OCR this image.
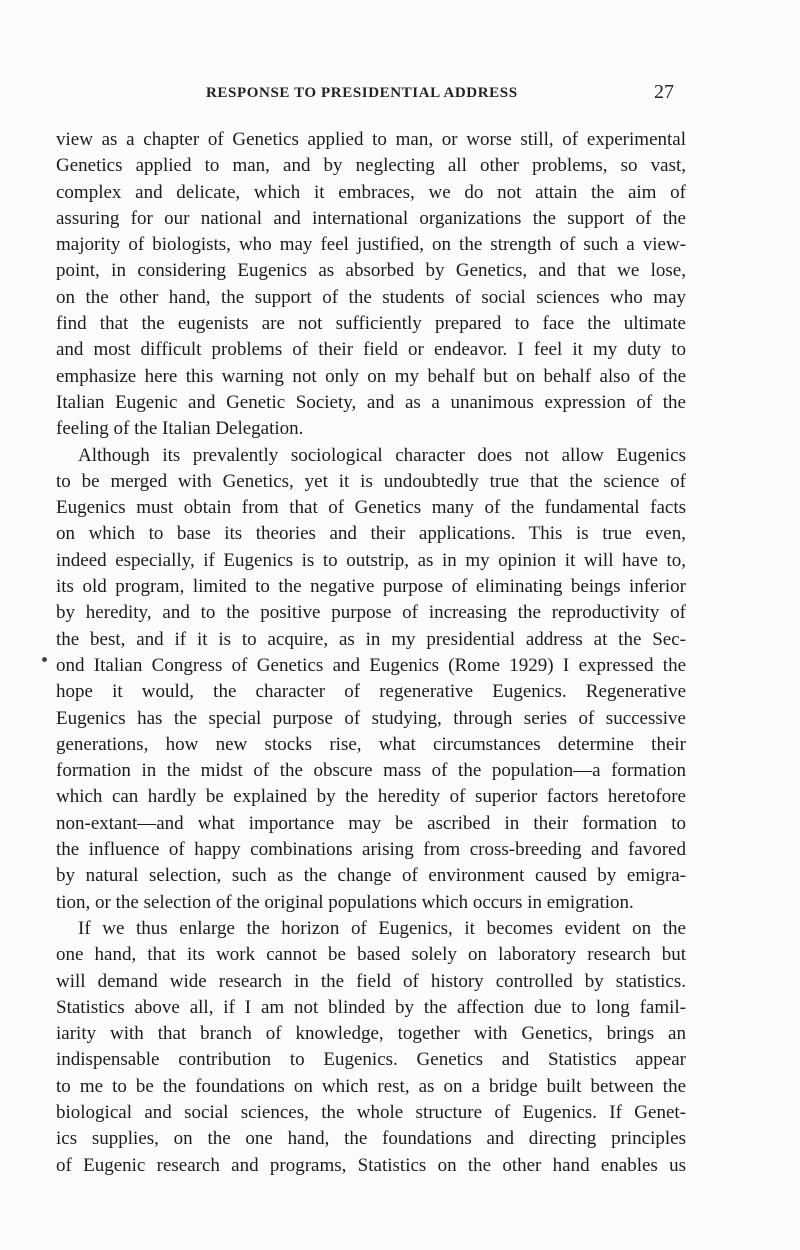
RESPONSE TO PRESIDENTIAL ADDRESS	27

view as a chapter of Genetics applied to man, or worse still, of experimental

Genetics applied to man, and by neglecting all other problems, so vast,

complex and delicate, which it embraces, we do not attain the aim of

assuring for our national and international organizations the support of the

majority of biologists, who may feel justified, on the strength of such a view-

point, in considering Eugenics as absorbed by Genetics, and that we lose,

on the other hand, the support of the students of social sciences who may

find that the eugenists are not sufficiently prepared to face the ultimate

and most difficult problems of their field or endeavor. I feel it my duty to

emphasize here this warning not only on my behalf but on behalf also of the

Italian Eugenic and Genetic Society, and as a unanimous expression of the

feeling of the Italian Delegation.

Although its prevalently sociological character does not allow Eugenics

to be merged with Genetics, yet it is undoubtedly true that the science of

Eugenics must obtain from that of Genetics many of the fundamental facts

on which to base its theories and their applications. This is true even,

indeed especially, if Eugenics is to outstrip, as in my opinion it will have to,

its old program, limited to the negative purpose of eliminating beings inferior

by heredity, and to the positive purpose of increasing the reproductivity of

the best, and if it is to acquire, as in my presidential address at the Sec-

ond Italian Congress of Genetics and Eugenics (Rome 1929) I expressed the

hope it would, the character of regenerative Eugenics. Regenerative

Eugenics has the special purpose of studying, through series of successive

generations, how new stocks rise, what circumstances determine their

formation in the midst of the obscure mass of the population—a formation

which can hardly be explained by the heredity of superior factors heretofore

non-extant—and what importance may be ascribed in their formation to

the influence of happy combinations arising from cross-breeding and favored

by natural selection, such as the change of environment caused by emigra-

tion, or the selection of the original populations which occurs in emigration.

If we thus enlarge the horizon of Eugenics, it becomes evident on the

one hand, that its work cannot be based solely on laboratory research but

will demand wide research in the field of history controlled by statistics.

Statistics above all, if I am not blinded by the affection due to long famil-

iarity with that branch of knowledge, together with Genetics, brings an

indispensable contribution to Eugenics. Genetics and Statistics appear

to me to be the foundations on which rest, as on a bridge built between the

biological and social sciences, the whole structure of Eugenics. If Genet-

ics supplies, on the one hand, the foundations and directing principles

of Eugenic research and programs, Statistics on the other hand enables us
